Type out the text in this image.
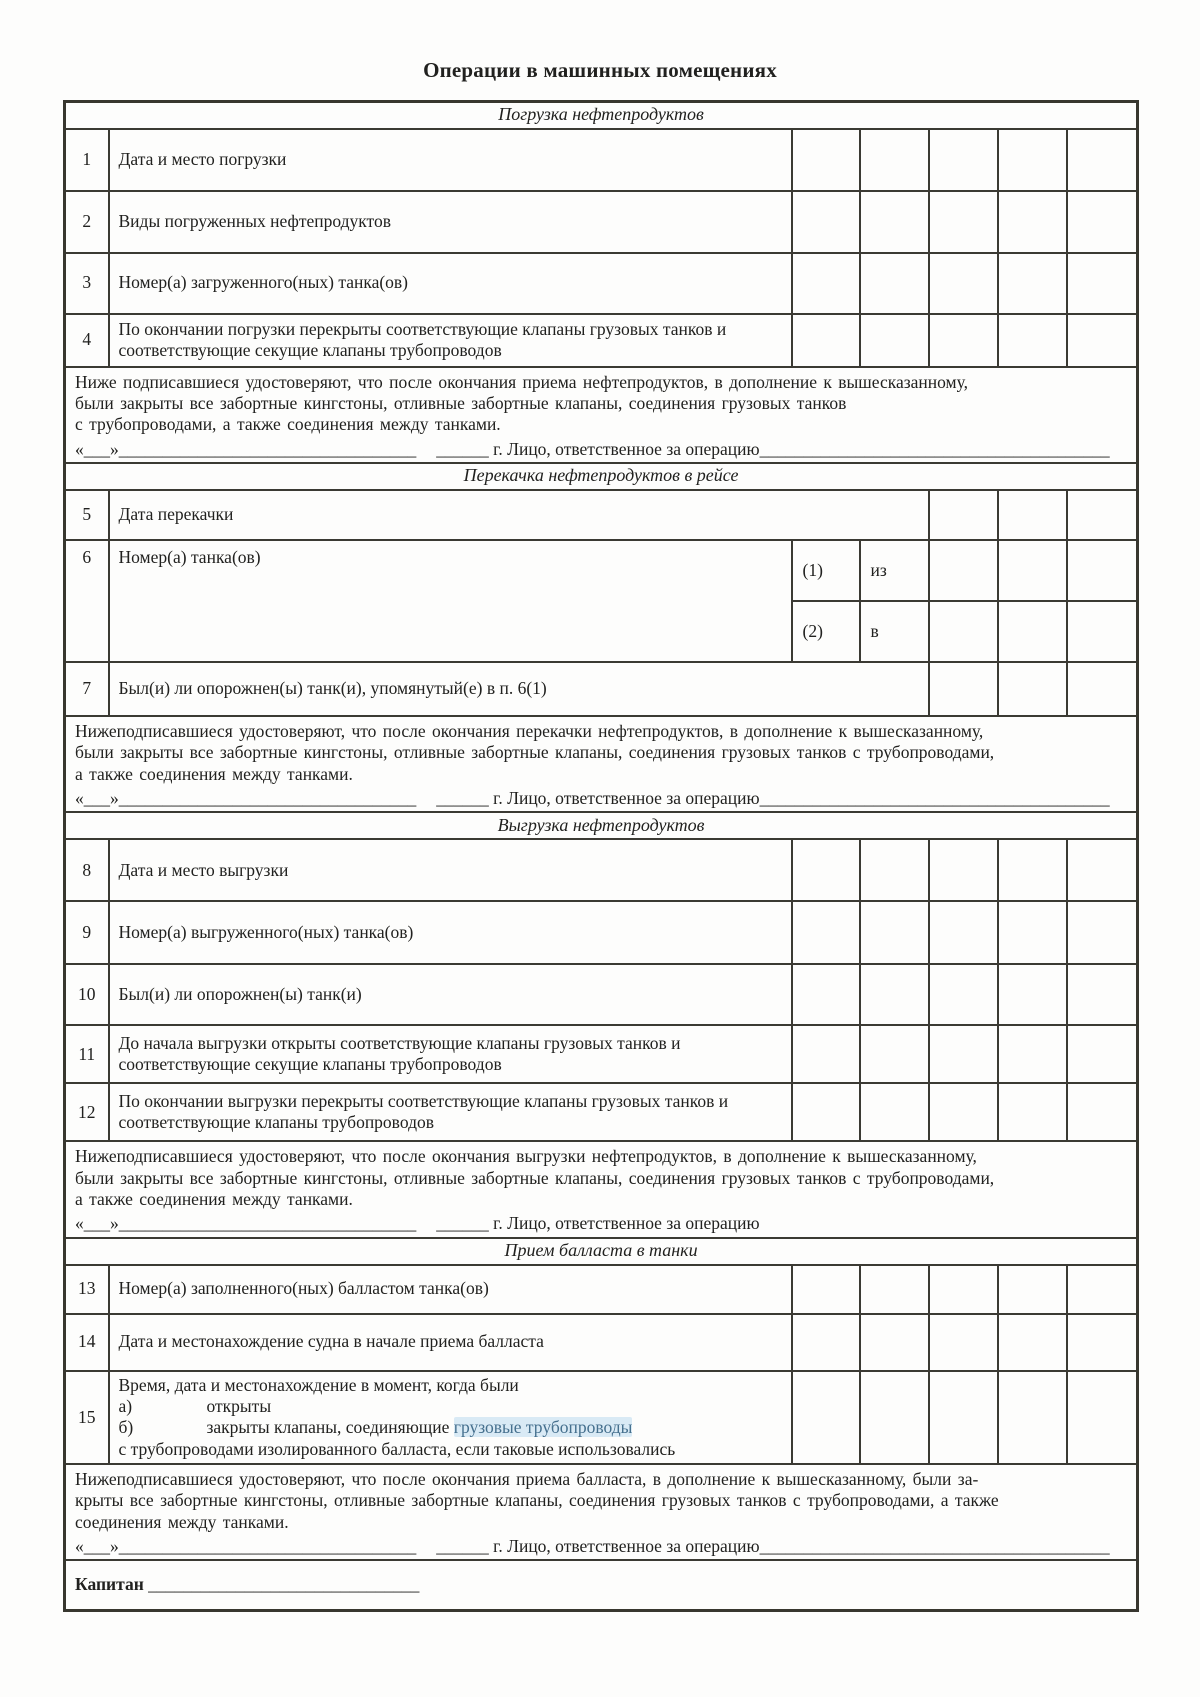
Операции в машинных помещениях
Погрузка нефтепродуктов						
1	Дата и место погрузки					
2	Виды погруженных нефтепродуктов					
3	Номер(а) загруженного(ных) танка(ов)					
4	По окончании погрузки перекрыты соответствующие клапаны грузовых танков и соответствующие секущие клапаны трубопроводов					

Ниже подписавшиеся удостоверяют, что после окончания приема нефтепродуктов, в дополнение к вышесказанному,
были закрыты все забортные кингстоны, отливные забортные клапаны, соединения грузовых танков
с трубопроводами, а также соединения между танками.
«___»__________________________________ ______ г. Лицо, ответственное за операцию________________________________________						

Перекачка нефтепродуктов в рейсе						
5	Дата перекачки					
6	Номер(а) танка(ов)	(1)	из			
		(2)	в			
7	Был(и) ли опорожнен(ы) танк(и), упомянутый(е) в п. 6(1)					

Нижеподписавшиеся удостоверяют, что после окончания перекачки нефтепродуктов, в дополнение к вышесказанному,
были закрыты все забортные кингстоны, отливные забортные клапаны, соединения грузовых танков с трубопроводами,
а также соединения между танками.
«___»__________________________________ ______ г. Лицо, ответственное за операцию________________________________________						

Выгрузка нефтепродуктов						
8	Дата и место выгрузки					
9	Номер(а) выгруженного(ных) танка(ов)					
10	Был(и) ли опорожнен(ы) танк(и)					
11	До начала выгрузки открыты соответствующие клапаны грузовых танков и соответствующие секущие клапаны трубопроводов					
12	По окончании выгрузки перекрыты соответствующие клапаны грузовых танков и соответствующие клапаны трубопроводов					

Нижеподписавшиеся удостоверяют, что после окончания выгрузки нефтепродуктов, в дополнение к вышесказанному,
были закрыты все забортные кингстоны, отливные забортные клапаны, соединения грузовых танков с трубопроводами,
а также соединения между танками.
«___»__________________________________ ______ г. Лицо, ответственное за операцию						

Прием балласта в танки						
13	Номер(а) заполненного(ных) балластом танка(ов)					
14	Дата и местонахождение судна в начале приема балласта					
15	Время, дата и местонахождение в момент, когда были
а) открыты
б) закрыты клапаны, соединяющие грузовые трубопроводы
с трубопроводами изолированного балласта, если таковые использовались					

Нижеподписавшиеся удостоверяют, что после окончания приема балласта, в дополнение к вышесказанному, были за-
крыты все забортные кингстоны, отливные забортные клапаны, соединения грузовых танков с трубопроводами, а также
соединения между танками.
«___»__________________________________ ______ г. Лицо, ответственное за операцию________________________________________						

Капитан _______________________________						
